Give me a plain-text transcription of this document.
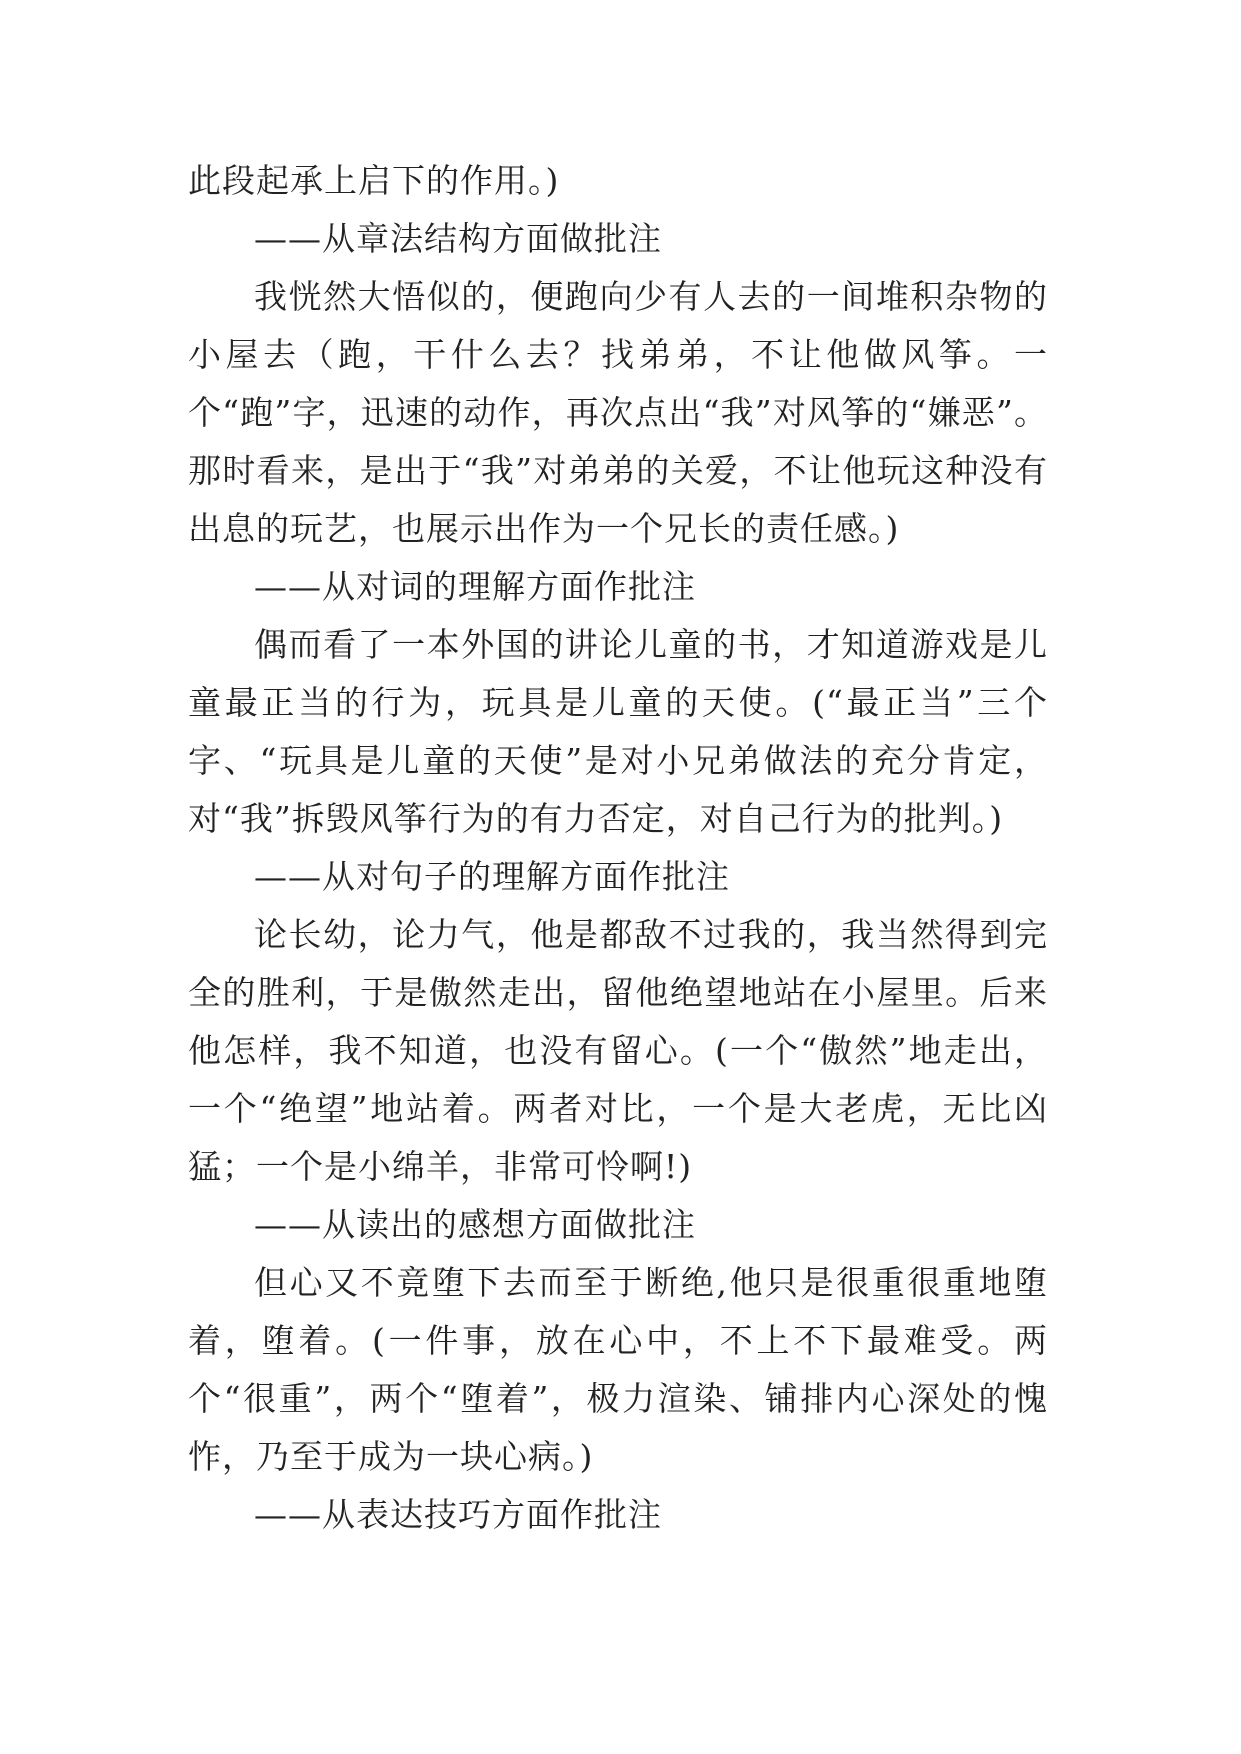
此段起承上启下的作用。)

——从章法结构方面做批注

我恍然大悟似的，便跑向少有人去的一间堆积杂物的小屋去（跑，干什么去？找弟弟，不让他做风筝。一个“跑”字，迅速的动作，再次点出“我”对风筝的“嫌恶”。那时看来，是出于“我”对弟弟的关爱，不让他玩这种没有出息的玩艺，也展示出作为一个兄长的责任感。)

——从对词的理解方面作批注

偶而看了一本外国的讲论儿童的书，才知道游戏是儿童最正当的行为，玩具是儿童的天使。(“最正当”三个字、“玩具是儿童的天使”是对小兄弟做法的充分肯定，对“我”拆毁风筝行为的有力否定，对自己行为的批判。)

——从对句子的理解方面作批注

论长幼，论力气，他是都敌不过我的，我当然得到完全的胜利，于是傲然走出，留他绝望地站在小屋里。后来他怎样，我不知道，也没有留心。(一个“傲然”地走出，一个“绝望”地站着。两者对比，一个是大老虎，无比凶猛；一个是小绵羊，非常可怜啊!)

——从读出的感想方面做批注

但心又不竟堕下去而至于断绝,他只是很重很重地堕着，堕着。(一件事，放在心中，不上不下最难受。两个“很重”，两个“堕着”，极力渲染、铺排内心深处的愧怍，乃至于成为一块心病。)

——从表达技巧方面作批注
